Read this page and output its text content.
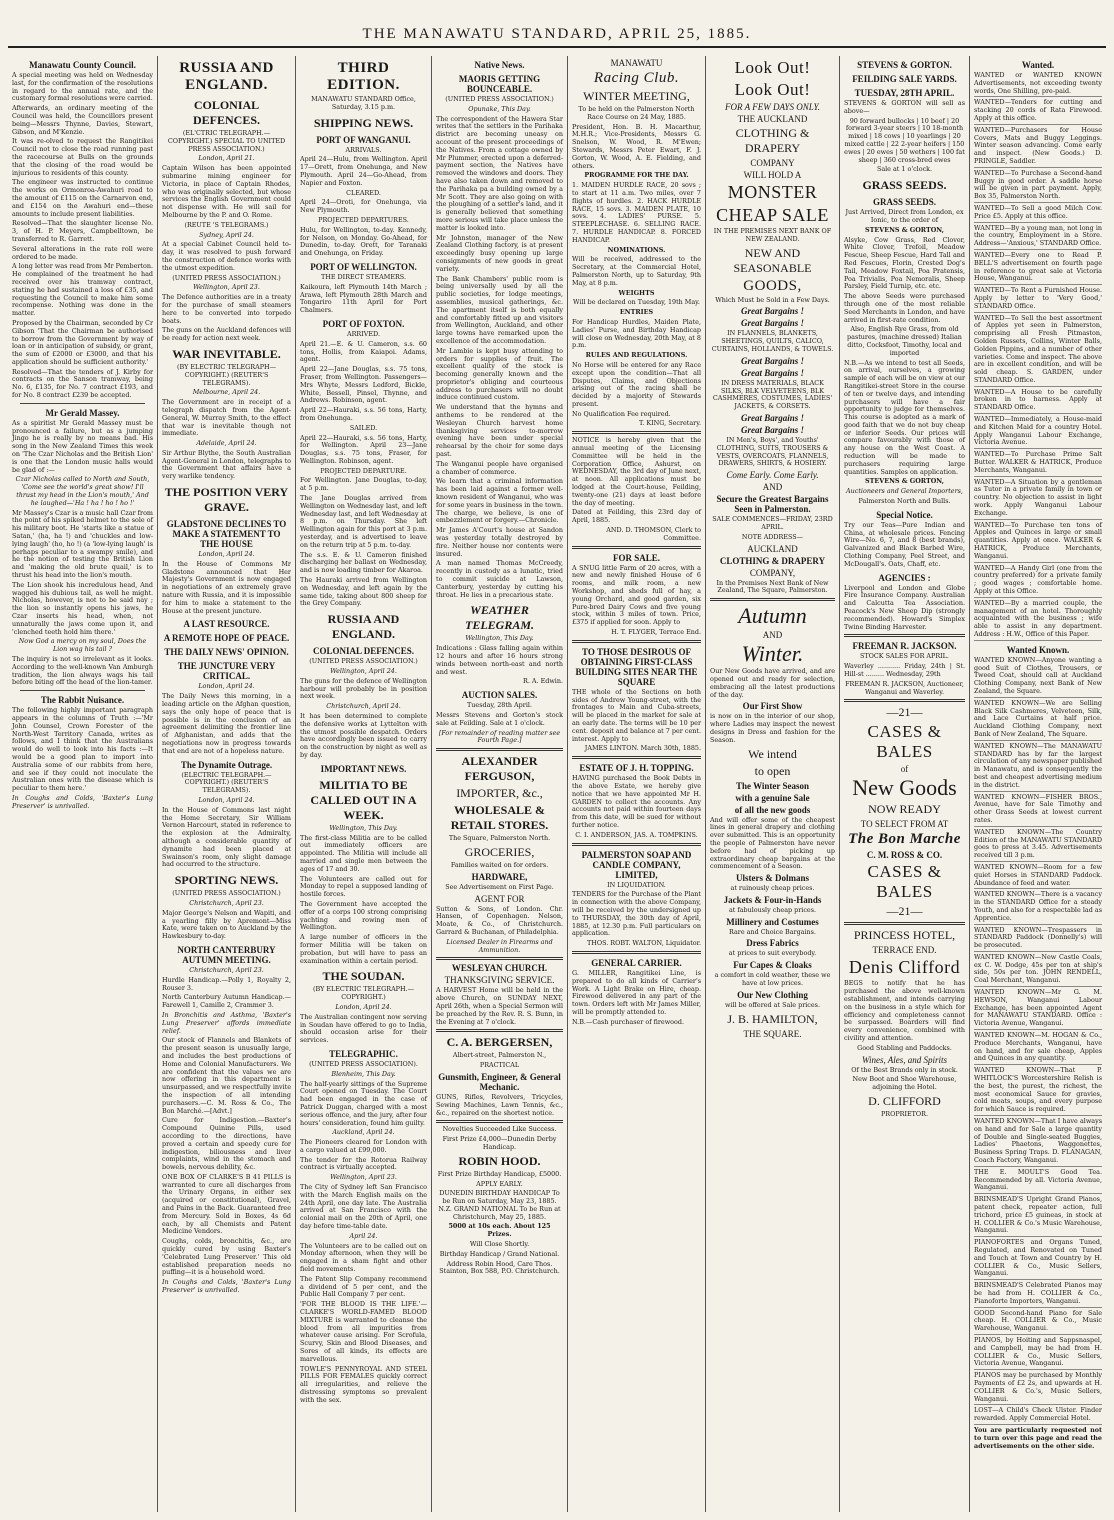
THE MANAWATU STANDARD, APRIL 25, 1885.
Manawatu County Council.

A special meeting was held on Wednesday last, for the confirmation of the resolutions in regard to the annual rate, and the customary formal resolutions were carried.

Afterwards, an ordinary meeting of the Council was held, the Councillors present being—Messrs Thynne, Davies, Stewart, Gibson, and M'Kenzie.

It was re-olved to request the Rangitikei Council not to close the road running past the racecourse at Bulls on the grounds that the closing of the road would be injurious to residents of this county.

The engineer was instructed to continue the works on Ormonroa-Awahuri road to the amount of £115 on the Carnarvon end, and £154 on the Awahuri end—these amounts to include present liabilities.

Resolved—That the slaughter license No. 3, of H. P. Meyers, Campbelltown, be transferred to R. Garrett.

Several alterations in the rate roll were ordered to be made.

A long letter was read from Mr Pemberton. He complained of the treatment he had received over his tramway contract, stating he had sustained a loss of £35, and requesting the Council to make him some recompense. Nothing was done in the matter.

Proposed by the Chairman, seconded by Cr Gibson 'That the Chairman be authorised to borrow from the Government by way of loan or in anticipation of subsidy, or grant, the sum of £2000 or £3000, and that his application should be sufficient authority.'

Resolved—That the tenders of J. Kirby for contracts on the Sanson tramway, being No. 6, £135, for No. 7 contract £193, and for No. 8 contract £239 be accepted.

Mr Gerald Massey.

As a spiritist Mr Gerald Massey must be pronounced a failure, but as a jumping Jingo he is really by no means bad. His song in the New Zealand Times this week on 'The Czar Nicholas and the British Lion' is one that the London music halls would be glad of :—

Czar Nicholas called to North and South, 'Come see the world's great show! I'll thrust my head in the Lion's mouth,' And he laughed—'Ha ! ha ! ho ! ho !'

Mr Massey's Czar is a music hall Czar from the point of his spiked helmet to the sole of his military boot. He 'starts like a statue of Satan,' (ha, ha !) and 'chuckles and low-lying laugh' (ho, ho !) (a 'low-lying laugh' is perhaps peculiar to a swampy smile), and he the notion of testing the British Lion and 'making the old brute quail,' is to thrust his head into the lion's mouth.

The Lion shook his incredulous head, And wagged his dubious tail, as well he might. Nicholas, however, is not to be said nay ; the lion so instantly opens his jaws, he Czar inserts his head, when, not unnaturally the jaws come upon it, and 'clenched teeth hold him there.'

Now God a mercy on my soul, Does the Lion wag his tail ?

The inquiry is not so irrelevant as it looks. According to the well-known Van Amburgh tradition, the lion always wags his tail before biting off the head of the lion-tamer.

The Rabbit Nuisance.

The following highly important paragraph appears in the columns of Truth :—'Mr John Counsel, Crown Forester of the North-West Territory Canada, writes as follows, and I think that the Australians would do well to look into his facts :—It would be a good plan to import into Australia some of our rabbits from here, and see if they could not inoculate the Australian ones with the disease which is peculiar to them here.'

In Coughs and Colds, 'Baxter's Lung Preserver' is unrivalled.

RUSSIA AND ENGLAND.
COLONIAL DEFENCES.

(EL'CTRIC TELEGRAPH.—COPYRIGHT.) SPECIAL TO UNITED PRESS ASSOCIATION.)

London, April 21.

Captain Wilson has been appointed submarine mining engineer for Victoria, in place of Captain Rhodes, who was originally selected, but whose services the English Government could not dispense with. He will sail for Melbourne by the P. and O. Rome.

(REUTE 'S TELEGRAMS.)

Sydney, April 24.

At a special Cabinet Council held to-day, it was resolved to push forward the construction of defence works with the utmost expedition.

(UNITED PRESS ASSOCIATION.)

Wellington, April 23.

The Defence authorities are in a treaty for the purchase of small steamers here to be converted into torpedo boats.

The guns on the Auckland defences will be ready for action next week.

WAR INEVITABLE.

(BY ELECTRIC TELEGRAPH—COPYRIGHT.) (REUTER'S TELEGRAMS).

Melbourne, April 24.

The Government are in receipt of a telegraph dispatch from the Agent-General, W. Murray Smith, to the effect that war is inevitable though not immediate.

Adelaide, April 24.

Sir Arthur Blythe, the South Australian Agent-General in London, telegraphs to the Government that affairs have a very warlike tendency.

THE POSITION VERY GRAVE.
GLADSTONE DECLINES TO MAKE A STATEMENT TO THE HOUSE

London, April 24.

In the House of Commons Mr Gladstone announced that Her Majesty's Government is now engaged in negotiations of an extremely grave nature with Russia, and it is impossible for him to make a statement to the House at the present juncture.

A LAST RESOURCE.
A REMOTE HOPE OF PEACE.
THE DAILY NEWS' OPINION.
THE JUNCTURE VERY CRITICAL.

London, April 24.

The Daily News this morning, in a leading article on the Afghan question, says the only hope of peace that is possible is in the conclusion of an agreement delimiting the frontier line of Afghanistan, and adds that the negotiations now in progress towards that end are not of a hopeless nature.

The Dynamite Outrage.

(ELECTRIC TELEGRAPH.—COPYRIGHT.) (REUTER'S TELEGRAMS).

London, April 24.

In the House of Commons last night the Home Secretary, Sir William Vernon Harcourt, stated in reference to the explosion at the Admiralty, although a considerable quantity of dynamite had been placed at Swainson's room, only slight damage had occurred to the structure.

SPORTING NEWS.

(UNITED PRESS ASSOCIATION.)

Christchurch, April 23.

Major George's Nelson and Wapiti, and a yearling filly by Apremont—Miss Kate, were taken on to Auckland by the Hawkesbury to-day.

NORTH CANTERBURY AUTUMN MEETING.

Christchurch, April 23.

Hurdle Handicap.—Polly 1, Royalty 2, Rouser 3.

North Canterbury Autumn Handicap.—Farewell 1, Camille 2, Crammer 3.

In Bronchitis and Asthma, 'Baxter's Lung Preserver' affords immediate relief.

Our stock of Flannels and Blankets of the present season is unusually large, and includes the best productions of Home and Colonial Manufacturers. We are confident that the values we are now offering in this department is unsurpassed, and we respectfully invite the inspection of all intending purchasers.—C. M. Ross & Co., The Bon Marché.—[Advt.]

Cure for Indigestion.—Baxter's Compound Quinine Pills, used according to the directions, have proved a certain and speedy cure for indigestion, biliousness and liver complaints, wind in the stomach and bowels, nervous debility, &c.

ONE BOX OF CLARKE'S B 41 PILLS is warranted to cure all discharges from the Urinary Organs, in either sex (acquired or constitutional), Gravel, and Pains in the Back. Guaranteed free from Mercury. Sold in Boxes, 4s 6d each, by all Chemists and Patent Medicine Vendors.

Coughs, colds, bronchitis, &c., are quickly cured by using Baxter's 'Celebrated Lung Preserver.' This old established preparation needs no puffing—it is a household word.

In Coughs and Colds, 'Baxter's Lung Preserver' is unrivalled.

THIRD EDITION.

MANAWATU STANDARD Office, Saturday, 3.15 p.m.

SHIPPING NEWS.
PORT OF WANGANUI.

ARRIVALS.

April 24—Hulu, from Wellington. April 17—Orett, from Onehunga, and New Plymouth. April 24—Go-Ahead, from Napier and Foxton.

CLEARED.

April 24—Oroti, for Onehunga, via New Plymouth.

PROJECTED DEPARTURES.

Hulu, for Wellington, to-day. Kennedy, for Nelson, on Monday. Go-Ahead, for Dunedin, to-day. Orett, for Taranaki and Onehunga, on Friday.

PORT OF WELLINGTON.

THE DIRECT STEAMERS.

Kaikoura, left Plymouth 14th March ; Arawa, left Plymouth 28th March and Tongariro 11th April for Port Chalmers.

PORT OF FOXTON.

ARRIVED.

April 21.—E. & U. Cameron, s.s. 60 tons, Hollis, from Kaiapoi. Adams, agent.

April 22—Jane Douglas, s.s. 75 tons, Fraser, from Wellington. Passengers—Mrs Whyte, Messrs Ledford, Bickle, White, Bessell, Pinsel, Thynne, and Andrews. Robinson, agent.

April 22—Hauraki, s.s. 56 tons, Harty, from Onehunga.

SAILED.

April 22—Hauraki, s.s. 56 tons, Harty, for Wellington. April 23—Jane Douglas, s.s. 75 tons, Fraser, for Wellington. Robinson, agent.

PROJECTED DEPARTURE.

For Wellington. Jane Douglas, to-day, at 5 p.m.

The Jane Douglas arrived from Wellington on Wednesday last, and left Wednesday last, and left Wednesday at 8 p.m. on Thursday. She left Wellington again for this port at 3 p.m. yesterday, and is advertised to leave on the return trip at 5 p.m. to-day.

The s.s. E. & U. Cameron finished discharging her ballast on Wednesday, and is now loading timber for Akaroa.

The Hauraki arrived from Wellington on Wednesday, and left again by the same tide, taking about 800 sheep for the Grey Company.

RUSSIA AND ENGLAND.
COLONIAL DEFENCES.

(UNITED PRESS ASSOCIATION.)

Wellington, April 24.

The guns for the defence of Wellington harbour will probably be in position next week.

Christchurch, April 24.

It has been determined to complete the defensive works at Lyttelton with the utmost possible despatch. Orders have accordingly been issued to carry on the construction by night as well as by day.

IMPORTANT NEWS.
MILITIA TO BE CALLED OUT IN A WEEK.

Wellington, This Day.

The first-class Militia are to be called out immediately officers are appointed. The Militia will include all married and single men between the ages of 17 and 30.

The Volunteers are called out for Monday to repel a supposed landing of hostile forces.

The Government have accepted the offer of a corps 100 strong comprising yachting and rowing men of Wellington.

A large number of officers in the former Militia will be taken on probation, but will have to pass an examination within a certain period.

THE SOUDAN.

(BY ELECTRIC TELEGRAPH.—COPYRIGHT.)

London, April 24.

The Australian contingent now serving in Soudan have offered to go to India, should occasion arise for their services.

TELEGRAPHIC.

(UNITED PRESS ASSOCIATION).

Blenheim, This Day.

The half-yearly sittings of the Supreme Court opened on Tuesday. The Court had been engaged in the case of Patrick Duggan, charged with a most serious offence, and the jury, after four hours' consideration, found him guilty.

Auckland, April 24.

The Pioneers cleared for London with a cargo valued at £99,000.

The tender for the Rotorua Railway contract is virtually accepted.

Wellington, April 23.

The City of Sydney left San Francisco with the March English mails on the 24th April, one day late. The Australia arrived at San Francisco with the colonial mail on the 20th of April, one day before time-table date.

April 24.

The Volunteers are to be called out on Monday afternoon, when they will be engaged in a sham fight and other field movements.

The Patent Slip Company recommend a dividend of 5 per cent, and the Public Hall Company 7 per cent.

'FOR THE BLOOD IS THE LIFE.'—CLARKE'S WORLD-FAMED BLOOD MIXTURE is warranted to cleanse the blood from all impurities from whatever cause arising. For Scrofula, Scurvy, Skin and Blood Diseases, and Sores of all kinds, its effects are marvellous.

TOWLE'S PENNYROYAL AND STEEL PILLS FOR FEMALES quickly correct all irregularities, and relieve the distressing symptoms so prevalent with the sex.

Native News.
MAORIS GETTING BOUNCEABLE.

(UNITED PRESS ASSOCIATION.)

Opunake, This Day.

The correspondent of the Hawera Star writes that the settlers in the Parihaka district are becoming uneasy on account of the present proceedings of the Natives. From a cottage owned by Mr Plummer, erected upon a deferred-payment section, the Natives have removed the windows and doors. They have also taken down and removed to the Parihaka pa a building owned by a Mr Scott. They are also going on with the ploughing of a settler's land, and it is generally believed that something more serious will take place unless the matter is looked into.

Mr Johnston, manager of the New Zealand Clothing factory, is at present exceedingly busy opening up large consignments of new goods in great variety.

The Bank Chambers' public room is being universally used by all the public societies, for lodge meetings, assemblies, musical gatherings, &c. The apartment itself is both equally and comfortably fitted up and visitors from Wellington, Auckland, and other large towns have remarked upon the excellence of the accommodation.

Mr Lambie is kept busy attending to orders for supplies of fruit. The excellent quality of the stock is becoming generally known and the proprietor's obliging and courteous address to purchasers will no doubt induce continued custom.

We understand that the hymns and anthems to be rendered at the Wesleyan Church harvest home thanksgiving services to-morrow evening have been under special rehearsal by the choir for some days past.

The Wanganui people have organised a chamber of commerce.

We learn that a criminal information has been laid against a former well-known resident of Wanganui, who was for some years in business in the town. The charge, we believe, is one of embezzlement or forgery.—Chronicle.

Mr James A'Court's house at Sandon was yesterday totally destroyed by fire. Neither house nor contents were insured.

A man named Thomas McCreedy, recently in custody as a lunatic, tried to commit suicide at Lawson, Canterbury, yesterday by cutting his throat. He lies in a precarious state.

WEATHER TELEGRAM.

Wellington, This Day.

Indications : Glass falling again within 12 hours and after 16 hours strong winds between north-east and north and west.

R. A. Edwin.

AUCTION SALES.

Tuesday, 28th April.

Messrs Stevens and Gorton's stock sale at Feilding. Sale at 1 o'clock.

[For remainder of reading matter see Fourth Page.]

ALEXANDER FERGUSON,
IMPORTER, &c.,
WHOLESALE & RETAIL STORES.

The Square, Palmerston North.

GROCERIES,

Families waited on for orders.

HARDWARE,

See Advertisement on First Page.

AGENT FOR

Sutton & Sons, of London. Chr. Hansen, of Copenhagen. Nelson, Moate, & Co., of Christchurch. Garrard & Buchanan, of Philadelphia.

Licensed Dealer in Firearms and Ammunition.

WESLEYAN CHURCH.
THANKSGIVING SERVICE.

A HARVEST Home will be held in the above Church, on SUNDAY NEXT, April 26th, when a Special Sermon will be preached by the Rev. R. S. Bunn, in the Evening at 7 o'clock.

C. A. BERGERSEN,

Albert-street, Palmerston N.,

PRACTICAL

Gunsmith, Engineer, & General Mechanic.

GUNS, Rifles, Revolvers, Tricycles, Sewing Machines, Lawn Tennis, &c., &c., repaired on the shortest notice.

Novelties Succeeded Like Success.

First Prize £4,000—Dunedin Derby Handicap.

ROBIN HOOD.

First Prize Birthday Handicap, £5000.

APPLY EARLY.

DUNEDIN BIRTHDAY HANDICAP To be Run on Saturday, May 23, 1885. N.Z. GRAND NATIONAL To be Run at Christchurch, May 25, 1885.

5000 at 10s each. About 125 Prizes.

Will Close Shortly.

Birthday Handicap / Grand National.

Address Robin Hood, Care Thos. Stainton, Box 588, P.O. Christchurch.

MANAWATU
Racing Club.
WINTER MEETING,

To be held on the Palmerston North Race Course on 24 May, 1885.

President, Hon. B. H. Macarthur, M.H.R.; Vice-Presidents, Messrs G. Snelson, W. Wood, R. M'Ewen; Stewards, Messrs Peter Ewart, F. J. Gorton, W. Wood, A. E. Fielding, and others.

PROGRAMME FOR THE DAY.

1. MAIDEN HURDLE RACE, 20 sovs ; to start at 11 a.m. Two miles, over 7 flights of hurdles. 2. HACK HURDLE RACE, 15 sovs. 3. MAIDEN PLATE, 10 sovs. 4. LADIES' PURSE. 5. STEEPLECHASE. 6. SELLING RACE. 7. HURDLE HANDICAP. 8. FORCED HANDICAP.

NOMINATIONS.

Will be received, addressed to the Secretary, at the Commercial Hotel, Palmerston North, up to Saturday, 9th May, at 8 p.m.

WEIGHTS

Will be declared on Tuesday, 19th May.

ENTRIES

For Handicap Hurdles, Maiden Plate, Ladies' Purse, and Birthday Handicap will close on Wednesday, 20th May, at 8 p.m.

RULES AND REGULATIONS.

No Horse will be entered for any Race except upon the condition—That all Disputes, Claims, and Objections arising out of the racing shall be decided by a majority of Stewards present.

No Qualification Fee required.

T. KING, Secretary.

NOTICE is hereby given that the annual meeting of the Licensing Committee will be held in the Corporation Office, Ashurst, on WEDNESDAY, the 3rd day of June next, at noon. All applications must be lodged at the Court-house, Feilding, twenty-one (21) days at least before the day of meeting.

Dated at Feilding, this 23rd day of April, 1885.

AND. D. THOMSON, Clerk to Committee.

FOR SALE.

A SNUG little Farm of 20 acres, with a new and newly finished House of 6 rooms, and milk room, a new Workshop, and sheds full of hay, a young Orchard, and good garden, six Pure-bred Dairy Cows and five young stock, within 3 miles of town. Price, £375 if applied for soon. Apply to

H. T. FLYGER, Terrace End.

TO THOSE DESIROUS OF OBTAINING FIRST-CLASS BUILDING SITES NEAR THE SQUARE

THE whole of the Sections on both sides of Andrew Young-street, with the frontages to Main and Cuba-streets, will be placed in the market for sale at an early date. The terms will be 10 per cent. deposit and balance at 7 per cent. interest. Apply to

JAMES LINTON. March 30th, 1885.

ESTATE OF J. H. TOPPING.

HAVING purchased the Book Debts in the above Estate, we hereby give notice that we have appointed Mr H. GARDEN to collect the accounts. Any accounts not paid within fourteen days from this date, will be sued for without further notice.

C. I. ANDERSON, JAS. A. TOMPKINS.

PALMERSTON SOAP AND CANDLE COMPANY, LIMITED,

IN LIQUIDATION.

TENDERS for the Purchase of the Plant in connection with the above Company, will be received by the undersigned up to THURSDAY, the 30th day of April, 1885, at 12.30 p.m. Full particulars on application.

THOS. ROBT. WALTON, Liquidator.

GENERAL CARRIER.

G. MILLER, Rangitikei Line, is prepared to do all kinds of Carrier's Work. A Light Brake on Hire, cheap. Firewood delivered in any part of the town. Orders left with Mr James Miller, will be promptly attended to.

N.B.—Cash purchaser of firewood.

Look Out!
Look Out!
FOR A FEW DAYS ONLY.
THE AUCKLAND
CLOTHING & DRAPERY
COMPANY
WILL HOLD A
MONSTER
CHEAP SALE

IN THE PREMISES NEXT BANK OF NEW ZEALAND.

NEW AND SEASONABLE
GOODS,

Which Must be Sold in a Few Days.

Great Bargains !
Great Bargains !

IN FLANNELS, BLANKETS, SHEETINGS, QUILTS, CALICO, CURTAINS, HOLLANDS, & TOWELS.

Great Bargains !
Great Bargains !

IN DRESS MATERIALS, BLACK SILKS, BLK VELVETEENS, BLK CASHMERES, COSTUMES, LADIES' JACKETS, & CORSETS.

Great Bargains !
Great Bargains !

IN Men's, Boys', and Youths' CLOTHING, SUITS, TROUSERS & VESTS, OVERCOATS, FLANNELS, DRAWERS, SHIRTS, & HOSIERY.

Come Early. Come Early.
AND
Secure the Greatest Bargains Seen in Palmerston.

SALE COMMENCES—FRIDAY, 23RD APRIL.

NOTE ADDRESS—

AUCKLAND
CLOTHING & DRAPERY
COMPANY,

In the Premises Next Bank of New Zealand, The Square, Palmerston.

Autumn
AND
Winter.

Our New Goods have arrived, and are opened out and ready for selection, embracing all the latest productions of the day.

Our First Show

is now on in the interior of our shop, where Ladies may inspect the newest designs in Dress and fashion for the Season.

We intend
to open
The Winter Season
with a genuine Sale
of all the new goods

And will offer some of the cheapest lines in general drapery and clothing ever submitted. This is an opportunity the people of Palmerston have never before had of picking up extraordinary cheap bargains at the commencement of a Season.

Ulsters & Dolmans

at ruinously cheap prices.

Jackets & Four-in-Hands

at fabulously cheap prices.

Millinery and Costumes

Rare and Choice Bargains.

Dress Fabrics

at prices to suit everybody.

Fur Capes & Cloaks

a comfort in cold weather, these we have at low prices.

Our New Clothing

will be offered at Sale prices.

J. B. HAMILTON,
THE SQUARE.
STEVENS & GORTON.
FEILDING SALE YARDS.
TUESDAY, 28TH APRIL.

STEVENS & GORTON will sell as above—

90 forward bullocks | 10 beef | 20 forward 3-year steers | 10 18-month mixed | 18 cows | 10 yearlings | 20 mixed cattle | 22 2-year heifers | 150 ewes | 20 ewes | 50 wethers | 100 fat sheep | 360 cross-bred ewes

Sale at 1 o'clock.

GRASS SEEDS.
GRASS SEEDS.

Just Arrived, Direct from London, ex Ionic, to the order of

STEVENS & GORTON,

Alsyke, Cow Grass, Red Clover, White Clover, Trefoil, Meadow Fescue, Sheep Fescue, Hard Tall and Red Fescues, Florin, Crested Dog's Tail, Meadow Foxtail, Poa Pratensis, Poa Trivialis, Poa Nemoralis, Sheep Parsley, Field Turnip, etc. etc.

The above Seeds were purchased through one of the most reliable Seed Merchants in London, and have arrived in first-rate condition.

Also, English Rye Grass, from old pastures, (machine dressed) Italian ditto, Cocksfoot, Timothy, local and imported

N.B.—As we intend to test all Seeds, on arrival, ourselves, a growing sample of each will be on view at our Rangitikei-street Store in the course of ten or twelve days, and intending purchasers will have a fair opportunity to judge for themselves. This course is adopted as a mark of good faith that we do not buy cheap or inferior Seeds. Our prices will compare favourably with those of any house on the West Coast. A reduction will be made to purchasers requiring large quantities. Samples on application.

STEVENS & GORTON,

Auctioneers and General Importers,

Palmerston North and Bulls.

Special Notice.

Try our Teas—Pure Indian and China, at wholesale prices. Fencing Wire—No. 6, 7, and 8 (best brands), Galvanized and Black Barbed Wire, Clothing Company, Peel Street, and McDougall's. Oats, Chaff, etc.

AGENCIES :

Liverpool and London and Globe Fire Insurance Company. Australian and Calcutta Tea Association. Peacock's New Sheep Dip (strongly recommended). Howard's Simplex Twine Binding Harvester.

FREEMAN R. JACKSON.

STOCK SALES FOR APRIL.

Waverley ........... Friday, 24th | St. Hill-st ......... Wednesday, 29th

FREEMAN R. JACKSON, Auctioneer, Wanganui and Waverley.

—21—
CASES & BALES
of
New Goods
NOW READY
TO SELECT FROM AT
The Bon Marche
C. M. ROSS & CO.
CASES & BALES
—21—
PRINCESS HOTEL,
TERRACE END.
Denis Clifford

BEGS to notify that he has purchased the above well-known establishment, and intends carrying on the business in a style which for efficiency and completeness cannot be surpassed. Boarders will find every convenience, combined with civility and attention.

Good Stabling and Paddocks.

Wines, Ales, and Spirits

Of the Best Brands only in stock.

New Boot and Shoe Warehouse, adjoining the Hotel.

D. CLIFFORD

PROPRIETOR.

Wanted.

WANTED or WANTED KNOWN Advertisements, not exceeding twenty words, One Shilling, pre-paid.

WANTED—Tenders for cutting and stacking 20 cords of Rata Firewood. Apply at this office.

WANTED—Purchasers for House Covers, Mats and Buggy Leggings. Winter season advancing. Come early and inspect. (New Goods.) D. PRINGLE, Saddler.

WANTED—To Purchase a Second-hand Buggy in good order. A saddle horse will be given in part payment. Apply, Box 35, Palmerston North.

WANTED—To Sell a good Milch Cow. Price £5. Apply at this office.

WANTED—By a young man, not long in the country, Employment in a Store. Address—'Anxious,' STANDARD Office.

WANTED—Every one to Read P. BELL'S advertisement on fourth page in reference to great sale at Victoria House, Wanganui.

WANTED—To Rent a Furnished House. Apply by letter to 'Very Good,' STANDARD Office.

WANTED—To Sell the best assortment of Apples yet seen in Palmerston, comprising all Fresh Pitmaston, Golden Russets, Collins, Winter Balls, Golden Pippins, and a number of other varieties. Come and inspect. The above are in excellent condition, and will be sold cheap. S. GARDEN, under STANDARD Office.

WANTED—A House to be carefully broken in to harness. Apply at STANDARD Office.

WANTED—Immediately, a House-maid and Kitchen Maid for a country Hotel. Apply Wanganui Labour Exchange, Victoria Avenue.

WANTED—To Purchase Prime Salt Butter. WALKER & HATRICK, Produce Merchants, Wanganui.

WANTED—A Situation by a gentleman as Tutor in a private family in town or country. No objection to assist in light work. Apply Wanganui Labour Exchange.

WANTED—To Purchase ten tons of Apples and Quinces in large or small quantities. Apply at once. WALKER & HATRICK, Produce Merchants, Wanganui.

WANTED—A Handy Girl (one from the country preferred) for a private family ; good wages ; comfortable home. Apply at this Office.

WANTED—By a married couple, the management of an hotel. Thoroughly acquainted with the business ; wife able to assist in any department. Address : H.W., Office of this Paper.

Wanted Known.

WANTED KNOWN—Anyone wanting a good Suit of Clothes, Trousers, or Tweed Coat, should call at Auckland Clothing Company, next Bank of New Zealand, the Square.

WANTED KNOWN—We are Selling Black Silk Cashmeres, Velveteen, Silk, and Lace Curtains at half price. Auckland Clothing Company, next Bank of New Zealand, The Square.

WANTED KNOWN—The MANAWATU STANDARD has by far the largest circulation of any newspaper published in Manawatu, and is consequently the best and cheapest advertising medium in the district.

WANTED KNOWN—FISHER BROS., Avenue, have for Sale Timothy and other Grass Seeds at lowest current rates.

WANTED KNOWN—The Country Edition of the MANAWATU STANDARD goes to press at 3.45. Advertisements received till 3 p.m.

WANTED KNOWN—Room for a few quiet Horses in STANDARD Paddock. Abundance of feed and water.

WANTED KNOWN—There is a vacancy in the STANDARD Office for a steady Youth, and also for a respectable lad as Apprentice.

WANTED KNOWN—Trespassers in STANDARD Paddock (Donnelly's) will be prosecuted.

WANTED KNOWN—New Castle Coals, ex C. W. Dodge, 45s per ton at ship's side, 50s per ton. JOHN RENDELL, Coal Merchant, Wanganui.

WANTED KNOWN—Mr G. M. HEWSON, Wanganui Labour Exchange, has been appointed Agent for MANAWATU STANDARD. Office : Victoria Avenue, Wanganui.

WANTED KNOWN—M. HOGAN & Co., Produce Merchants, Wanganui, have on hand, and for sale cheap, Apples and Quinces in any quantity.

WANTED KNOWN—That P. WHITLOCK'S Worcestershire Relish is the best, the purest, the richest, the most economical Sauce for gravies, cold meats, soups, and every purpose for which Sauce is required.

WANTED KNOWN—That I have always on hand and for Sale a large quantity of Double and Single-seated Buggies, Ladies' Phaetons, Waggonettes, Business Spring Traps. D. FLANAGAN, Coach Factory, Wanganui.

THE E. MOULT'S Good Tea. Recommended by all. Victoria Avenue, Wanganui.

BRINSMEAD'S Upright Grand Pianos, patent check, repeater action, full trichord, price £5 guineas, in stock at H. COLLIER & Co.'s Music Warehouse, Wanganui.

PIANOFORTES and Organs Tuned, Regulated, and Renovated on Tuned and Touch at Town and Country by H. COLLIER & Co., Music Sellers, Wanganui.

BRINSMEAD'S Celebrated Pianos may be had from H. COLLIER & Co., Pianoforte Importers, Wanganui.

GOOD Second-hand Piano for Sale cheap. H. COLLIER & Co., Music Warehouse, Wanganui.

PIANOS, by Hoiting and Sappsnaspel, and Campbell, may be had from H. COLLIER & Co., Music Sellers, Victoria Avenue, Wanganui.

PIANOS may be purchased by Monthly Payments of £2 2s, and upwards at H. COLLIER & Co.'s, Music Sellers, Wanganui.

LOST—A Child's Check Ulster. Finder rewarded. Apply Commercial Hotel.

You are particularly requested not to turn over this page and read the advertisements on the other side.
